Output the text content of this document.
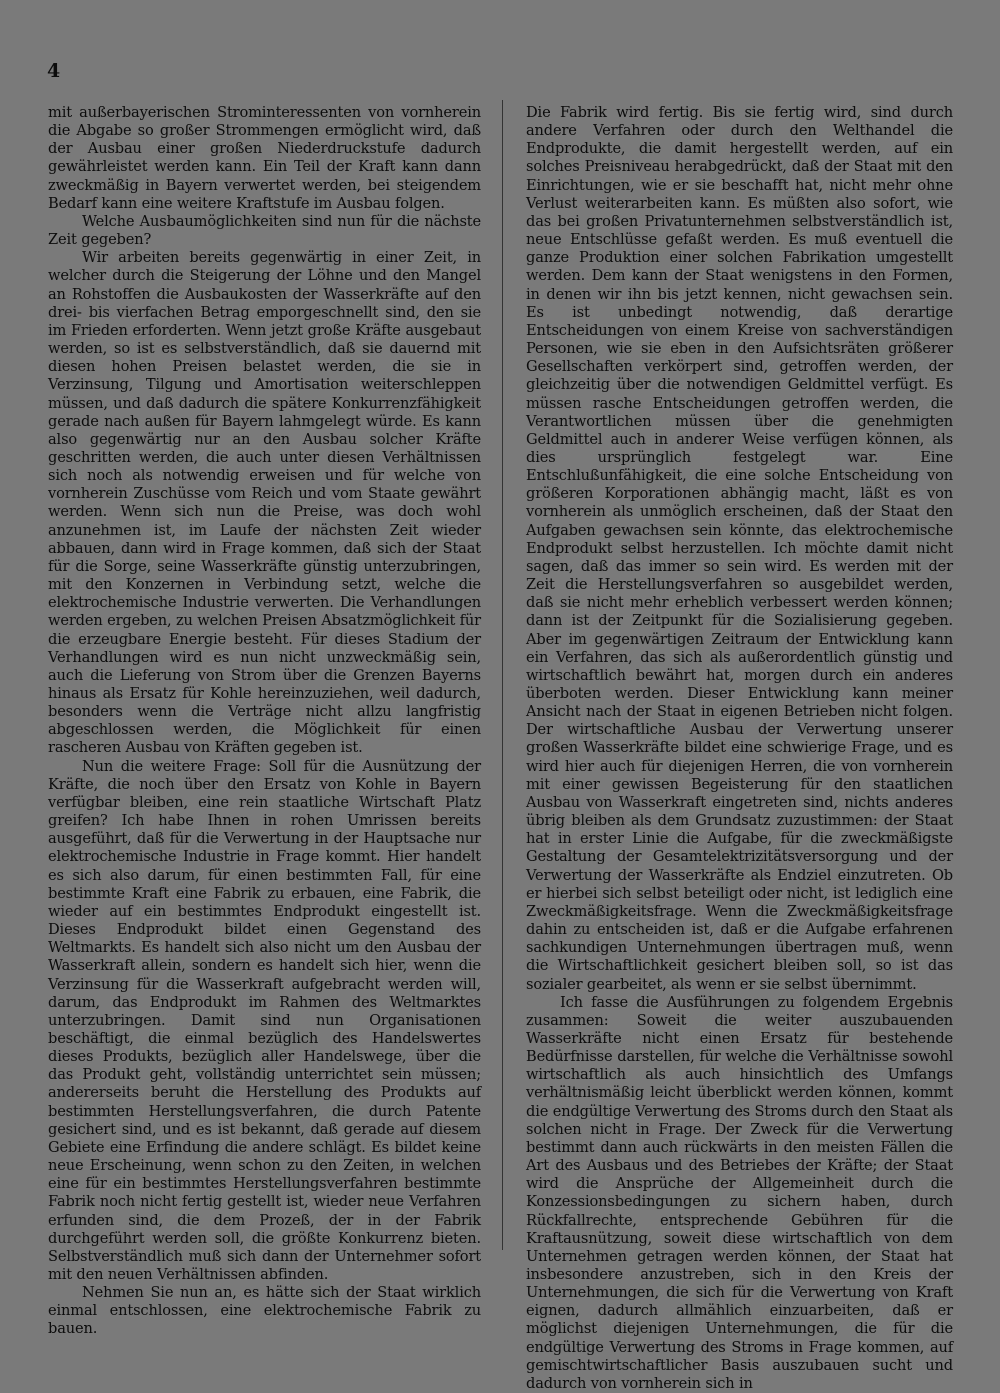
4

mit außerbayerischen Strominteressenten von vornherein die Abgabe so großer Strommengen ermöglicht wird, daß der Ausbau einer großen Niederdruckstufe dadurch gewährleistet werden kann. Ein Teil der Kraft kann dann zweckmäßig in Bayern verwertet werden, bei steigendem Bedarf kann eine weitere Kraftstufe im Ausbau folgen.

Welche Ausbaumöglichkeiten sind nun für die nächste Zeit gegeben?

Wir arbeiten bereits gegenwärtig in einer Zeit, in welcher durch die Steigerung der Löhne und den Mangel an Rohstoffen die Ausbaukosten der Wasserkräfte auf den drei- bis vierfachen Betrag emporgeschnellt sind, den sie im Frieden erforderten. Wenn jetzt große Kräfte ausgebaut werden, so ist es selbstverständlich, daß sie dauernd mit diesen hohen Preisen belastet werden, die sie in Verzinsung, Tilgung und Amortisation weiterschleppen müssen, und daß dadurch die spätere Konkurrenzfähigkeit gerade nach außen für Bayern lahmgelegt würde. Es kann also gegenwärtig nur an den Ausbau solcher Kräfte geschritten werden, die auch unter diesen Verhältnissen sich noch als notwendig erweisen und für welche von vornherein Zuschüsse vom Reich und vom Staate gewährt werden. Wenn sich nun die Preise, was doch wohl anzunehmen ist, im Laufe der nächsten Zeit wieder abbauen, dann wird in Frage kommen, daß sich der Staat für die Sorge, seine Wasserkräfte günstig unterzubringen, mit den Konzernen in Verbindung setzt, welche die elektrochemische Industrie verwerten. Die Verhandlungen werden ergeben, zu welchen Preisen Absatzmöglichkeit für die erzeugbare Energie besteht. Für dieses Stadium der Verhandlungen wird es nun nicht unzweckmäßig sein, auch die Lieferung von Strom über die Grenzen Bayerns hinaus als Ersatz für Kohle hereinzuziehen, weil dadurch, besonders wenn die Verträge nicht allzu langfristig abgeschlossen werden, die Möglichkeit für einen rascheren Ausbau von Kräften gegeben ist.

Nun die weitere Frage: Soll für die Ausnützung der Kräfte, die noch über den Ersatz von Kohle in Bayern verfügbar bleiben, eine rein staatliche Wirtschaft Platz greifen? Ich habe Ihnen in rohen Umrissen bereits ausgeführt, daß für die Verwertung in der Hauptsache nur elektrochemische Industrie in Frage kommt. Hier handelt es sich also darum, für einen bestimmten Fall, für eine bestimmte Kraft eine Fabrik zu erbauen, eine Fabrik, die wieder auf ein bestimmtes Endprodukt eingestellt ist. Dieses Endprodukt bildet einen Gegenstand des Weltmarkts. Es handelt sich also nicht um den Ausbau der Wasserkraft allein, sondern es handelt sich hier, wenn die Verzinsung für die Wasserkraft aufgebracht werden will, darum, das Endprodukt im Rahmen des Weltmarktes unterzubringen. Damit sind nun Organisationen beschäftigt, die einmal bezüglich des Handelswertes dieses Produkts, bezüglich aller Handelswege, über die das Produkt geht, vollständig unterrichtet sein müssen; andererseits beruht die Herstellung des Produkts auf bestimmten Herstellungsverfahren, die durch Patente gesichert sind, und es ist bekannt, daß gerade auf diesem Gebiete eine Erfindung die andere schlägt. Es bildet keine neue Erscheinung, wenn schon zu den Zeiten, in welchen eine für ein bestimmtes Herstellungsverfahren bestimmte Fabrik noch nicht fertig gestellt ist, wieder neue Verfahren erfunden sind, die dem Prozeß, der in der Fabrik durchgeführt werden soll, die größte Konkurrenz bieten. Selbstverständlich muß sich dann der Unternehmer sofort mit den neuen Verhältnissen abfinden.

Nehmen Sie nun an, es hätte sich der Staat wirklich einmal entschlossen, eine elektrochemische Fabrik zu bauen.

Die Fabrik wird fertig. Bis sie fertig wird, sind durch andere Verfahren oder durch den Welthandel die Endprodukte, die damit hergestellt werden, auf ein solches Preisniveau herabgedrückt, daß der Staat mit den Einrichtungen, wie er sie beschafft hat, nicht mehr ohne Verlust weiterarbeiten kann. Es müßten also sofort, wie das bei großen Privatunternehmen selbstverständlich ist, neue Entschlüsse gefaßt werden. Es muß eventuell die ganze Produktion einer solchen Fabrikation umgestellt werden. Dem kann der Staat wenigstens in den Formen, in denen wir ihn bis jetzt kennen, nicht gewachsen sein. Es ist unbedingt notwendig, daß derartige Entscheidungen von einem Kreise von sachverständigen Personen, wie sie eben in den Aufsichtsräten größerer Gesellschaften verkörpert sind, getroffen werden, der gleichzeitig über die notwendigen Geldmittel verfügt. Es müssen rasche Entscheidungen getroffen werden, die Verantwortlichen müssen über die genehmigten Geldmittel auch in anderer Weise verfügen können, als dies ursprünglich festgelegt war. Eine Entschlußunfähigkeit, die eine solche Entscheidung von größeren Korporationen abhängig macht, läßt es von vornherein als unmöglich erscheinen, daß der Staat den Aufgaben gewachsen sein könnte, das elektrochemische Endprodukt selbst herzustellen. Ich möchte damit nicht sagen, daß das immer so sein wird. Es werden mit der Zeit die Herstellungsverfahren so ausgebildet werden, daß sie nicht mehr erheblich verbessert werden können; dann ist der Zeitpunkt für die Sozialisierung gegeben. Aber im gegenwärtigen Zeitraum der Entwicklung kann ein Verfahren, das sich als außerordentlich günstig und wirtschaftlich bewährt hat, morgen durch ein anderes überboten werden. Dieser Entwicklung kann meiner Ansicht nach der Staat in eigenen Betrieben nicht folgen. Der wirtschaftliche Ausbau der Verwertung unserer großen Wasserkräfte bildet eine schwierige Frage, und es wird hier auch für diejenigen Herren, die von vornherein mit einer gewissen Begeisterung für den staatlichen Ausbau von Wasserkraft eingetreten sind, nichts anderes übrig bleiben als dem Grundsatz zuzustimmen: der Staat hat in erster Linie die Aufgabe, für die zweckmäßigste Gestaltung der Gesamtelektrizitätsversorgung und der Verwertung der Wasserkräfte als Endziel einzutreten. Ob er hierbei sich selbst beteiligt oder nicht, ist lediglich eine Zweckmäßigkeitsfrage. Wenn die Zweckmäßigkeitsfrage dahin zu entscheiden ist, daß er die Aufgabe erfahrenen sachkundigen Unternehmungen übertragen muß, wenn die Wirtschaftlichkeit gesichert bleiben soll, so ist das sozialer gearbeitet, als wenn er sie selbst übernimmt.

Ich fasse die Ausführungen zu folgendem Ergebnis zusammen: Soweit die weiter auszubauenden Wasserkräfte nicht einen Ersatz für bestehende Bedürfnisse darstellen, für welche die Verhältnisse sowohl wirtschaftlich als auch hinsichtlich des Umfangs verhältnismäßig leicht überblickt werden können, kommt die endgültige Verwertung des Stroms durch den Staat als solchen nicht in Frage. Der Zweck für die Verwertung bestimmt dann auch rückwärts in den meisten Fällen die Art des Ausbaus und des Betriebes der Kräfte; der Staat wird die Ansprüche der Allgemeinheit durch die Konzessionsbedingungen zu sichern haben, durch Rückfallrechte, entsprechende Gebühren für die Kraftausnützung, soweit diese wirtschaftlich von dem Unternehmen getragen werden können, der Staat hat insbesondere anzustreben, sich in den Kreis der Unternehmungen, die sich für die Verwertung von Kraft eignen, dadurch allmählich einzuarbeiten, daß er möglichst diejenigen Unternehmungen, die für die endgültige Verwertung des Stroms in Frage kommen, auf gemischtwirtschaftlicher Basis auszubauen sucht und dadurch von vornherein sich in
